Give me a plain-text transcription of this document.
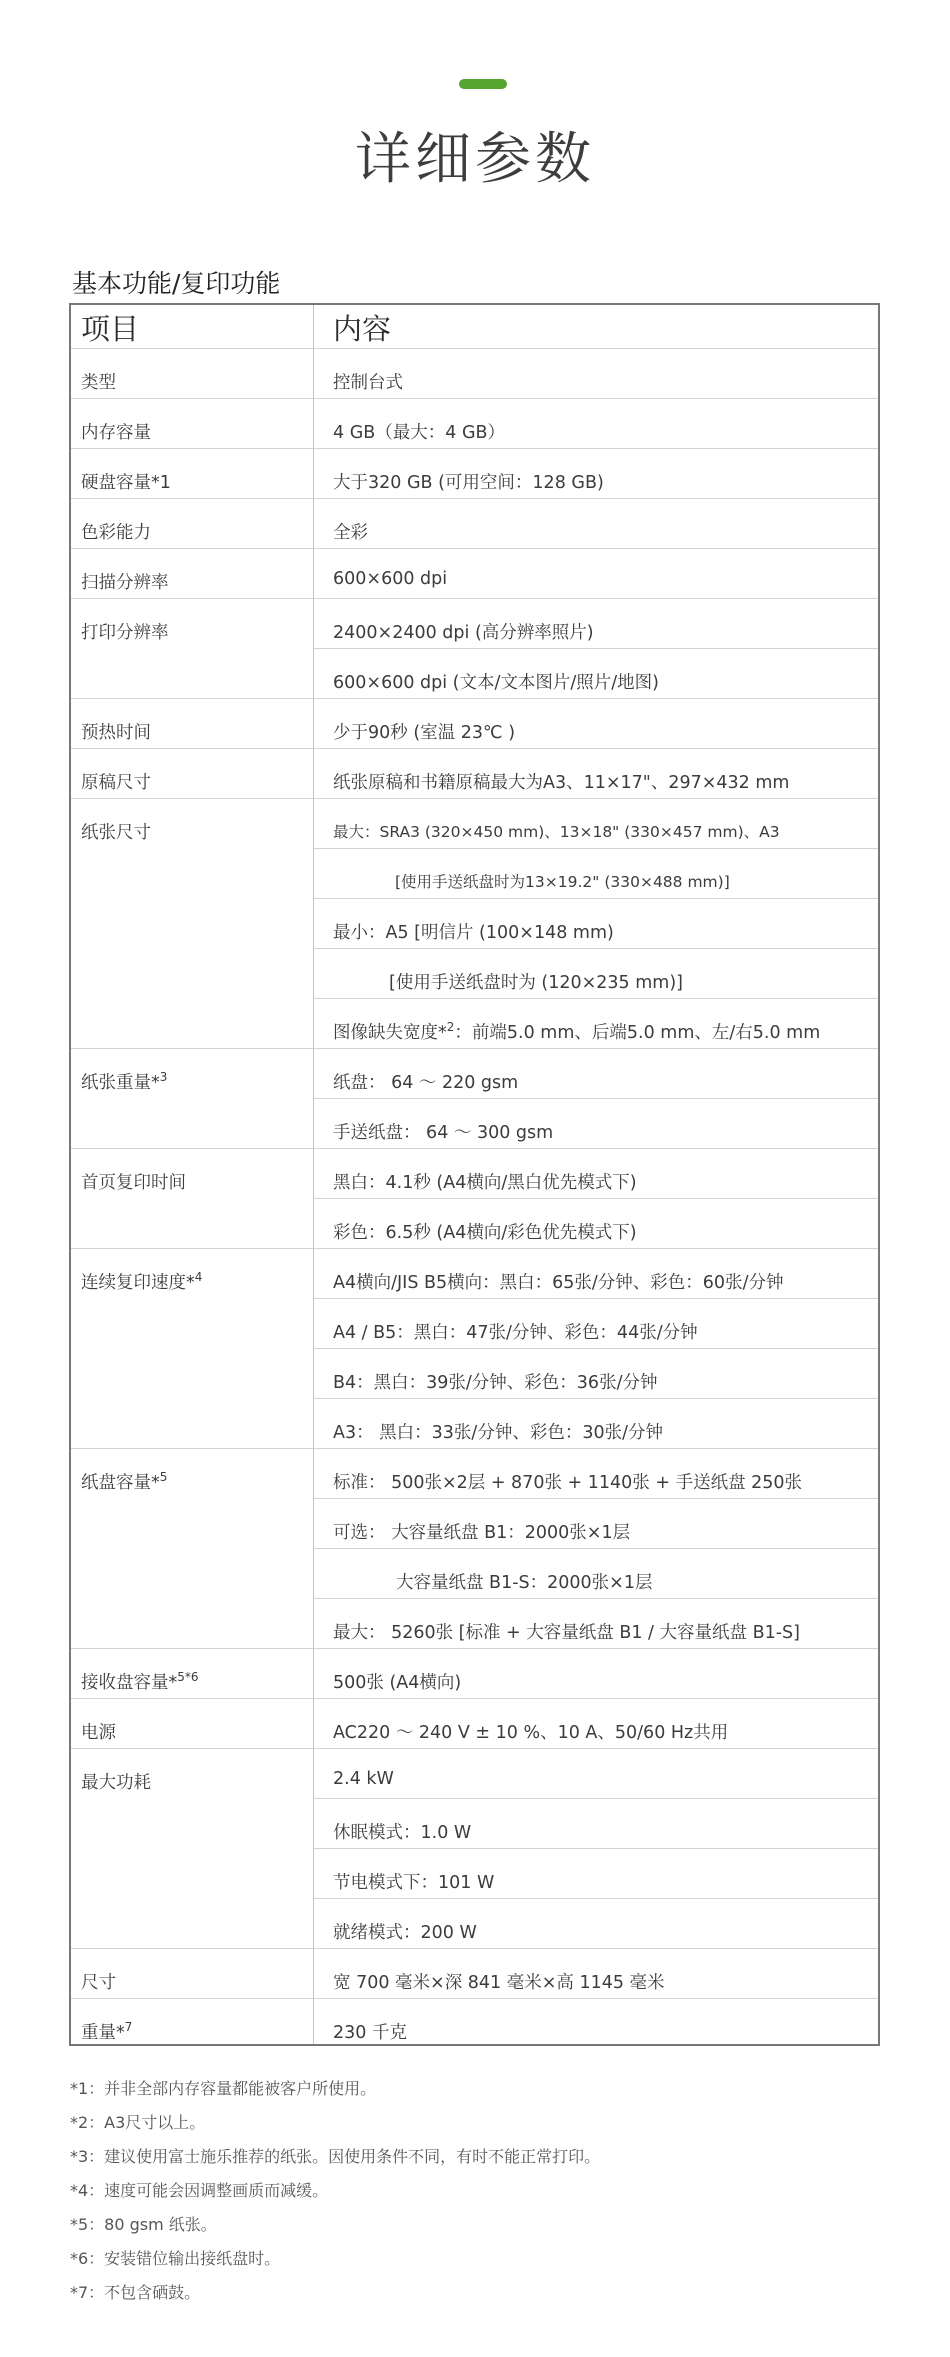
详细参数
基本功能/复印功能
项目	内容
类型	控制台式
内存容量	4 GB（最大：4 GB）
硬盘容量*1	大于320 GB (可用空间：128 GB)
色彩能力	全彩
扫描分辨率	600×600 dpi
打印分辨率	2400×2400 dpi (高分辨率照片)
600×600 dpi (文本/文本图片/照片/地图)
预热时间	少于90秒 (室温 23℃ )
原稿尺寸	纸张原稿和书籍原稿最大为A3、11×17"、297×432 mm
纸张尺寸	最大：SRA3 (320×450 mm)、13×18" (330×457 mm)、A3
[使用手送纸盘时为13×19.2" (330×488 mm)]
最小：A5 [明信片 (100×148 mm)
[使用手送纸盘时为 (120×235 mm)]
图像缺失宽度*$^2$：前端5.0 mm、后端5.0 mm、左/右5.0 mm
纸张重量*$^3$	纸盘： 64 ～ 220 gsm
手送纸盘： 64 ～ 300 gsm
首页复印时间	黑白：4.1秒 (A4横向/黑白优先模式下)
彩色：6.5秒 (A4横向/彩色优先模式下)
连续复印速度*$^4$	A4横向/JIS B5横向：黑白：65张/分钟、彩色：60张/分钟
A4 / B5：黑白：47张/分钟、彩色：44张/分钟
B4：黑白：39张/分钟、彩色：36张/分钟
A3： 黑白：33张/分钟、彩色：30张/分钟
纸盘容量*$^5$	标准： 500张×2层 + 870张 + 1140张 + 手送纸盘 250张
可选： 大容量纸盘 B1：2000张×1层
大容量纸盘 B1-S：2000张×1层
最大： 5260张 [标准 + 大容量纸盘 B1 / 大容量纸盘 B1-S]
接收盘容量*$^{5*6}$	500张 (A4横向)
电源	AC220 ～ 240 V ± 10 %、10 A、50/60 Hz共用
最大功耗	2.4 kW
休眠模式：1.0 W
节电模式下：101 W
就绪模式：200 W
尺寸	宽 700 毫米×深 841 毫米×高 1145 毫米
重量*$^7$	230 千克
*1：并非全部内存容量都能被客户所使用。
*2：A3尺寸以上。
*3：建议使用富士施乐推荐的纸张。因使用条件不同，有时不能正常打印。
*4：速度可能会因调整画质而减缓。
*5：80 gsm 纸张。
*6：安装错位输出接纸盘时。
*7：不包含硒鼓。
